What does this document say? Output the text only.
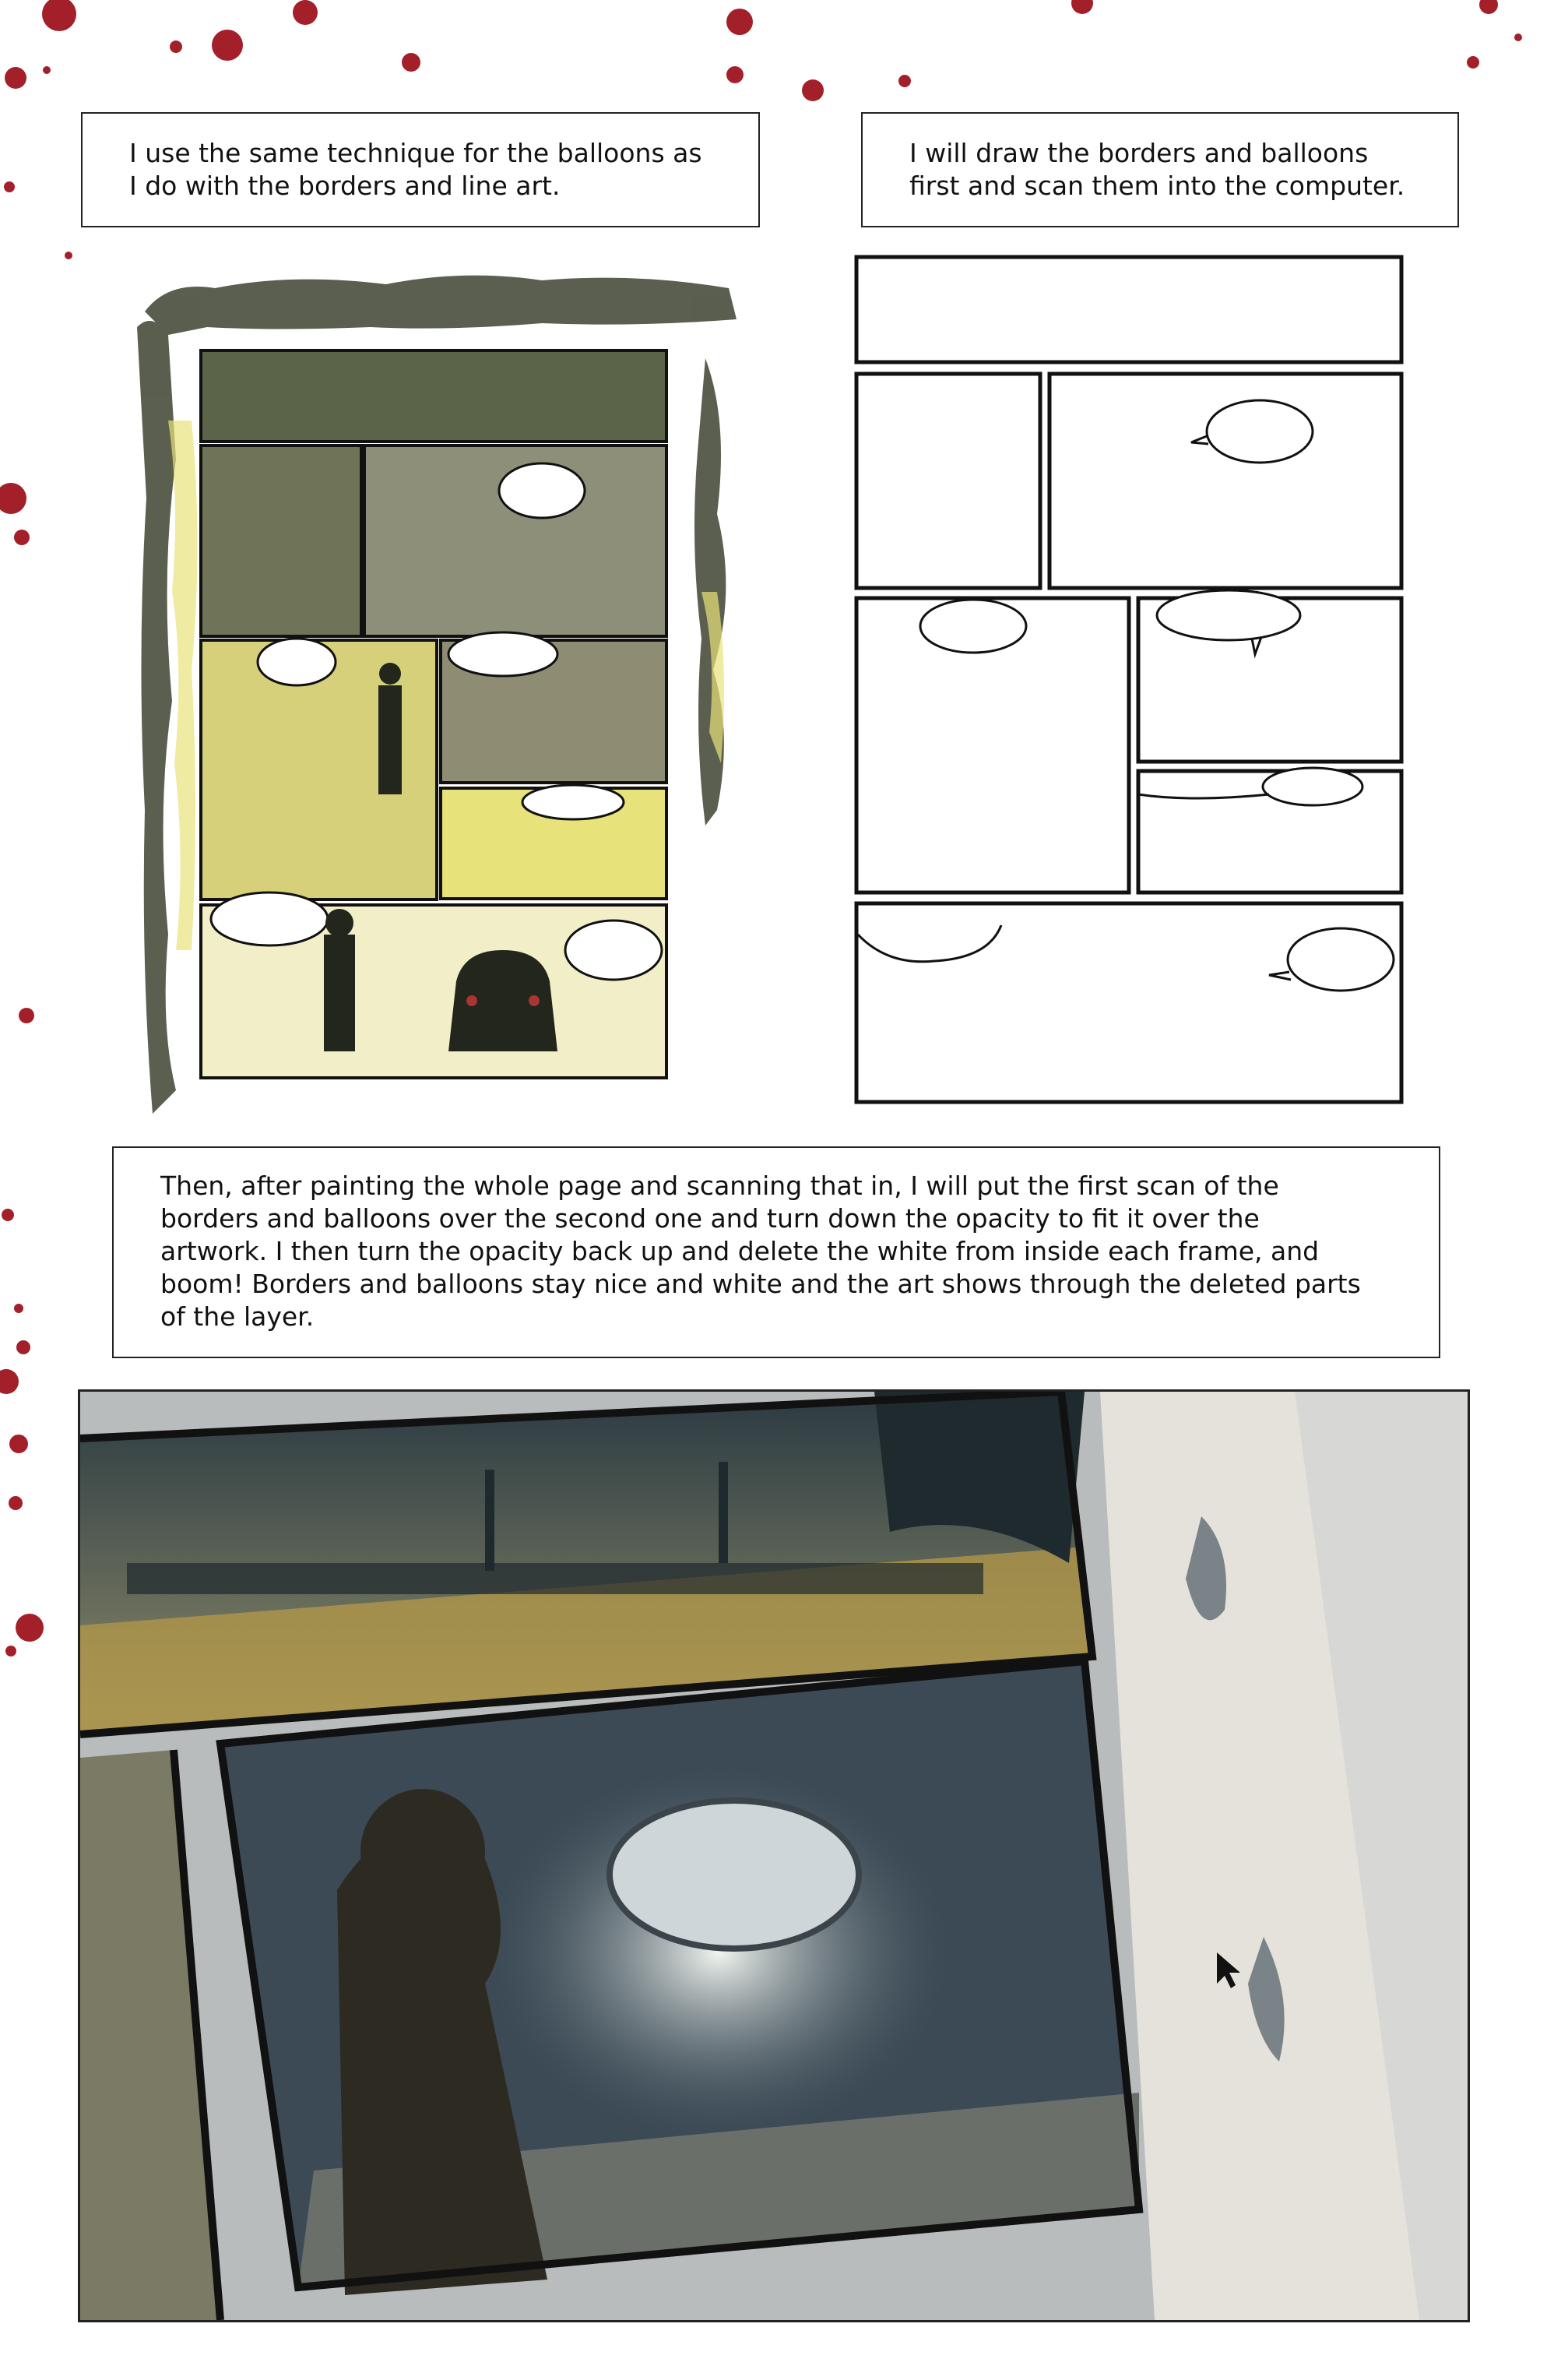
I use the same technique for the balloons as
I do with the borders and line art.

I will draw the borders and balloons
first and scan them into the computer.

Then, after painting the whole page and scanning that in, I will put the first scan of the
borders and balloons over the second one and turn down the opacity to fit it over the
artwork. I then turn the opacity back up and delete the white from inside each frame, and
boom! Borders and balloons stay nice and white and the art shows through the deleted parts
of the layer.
